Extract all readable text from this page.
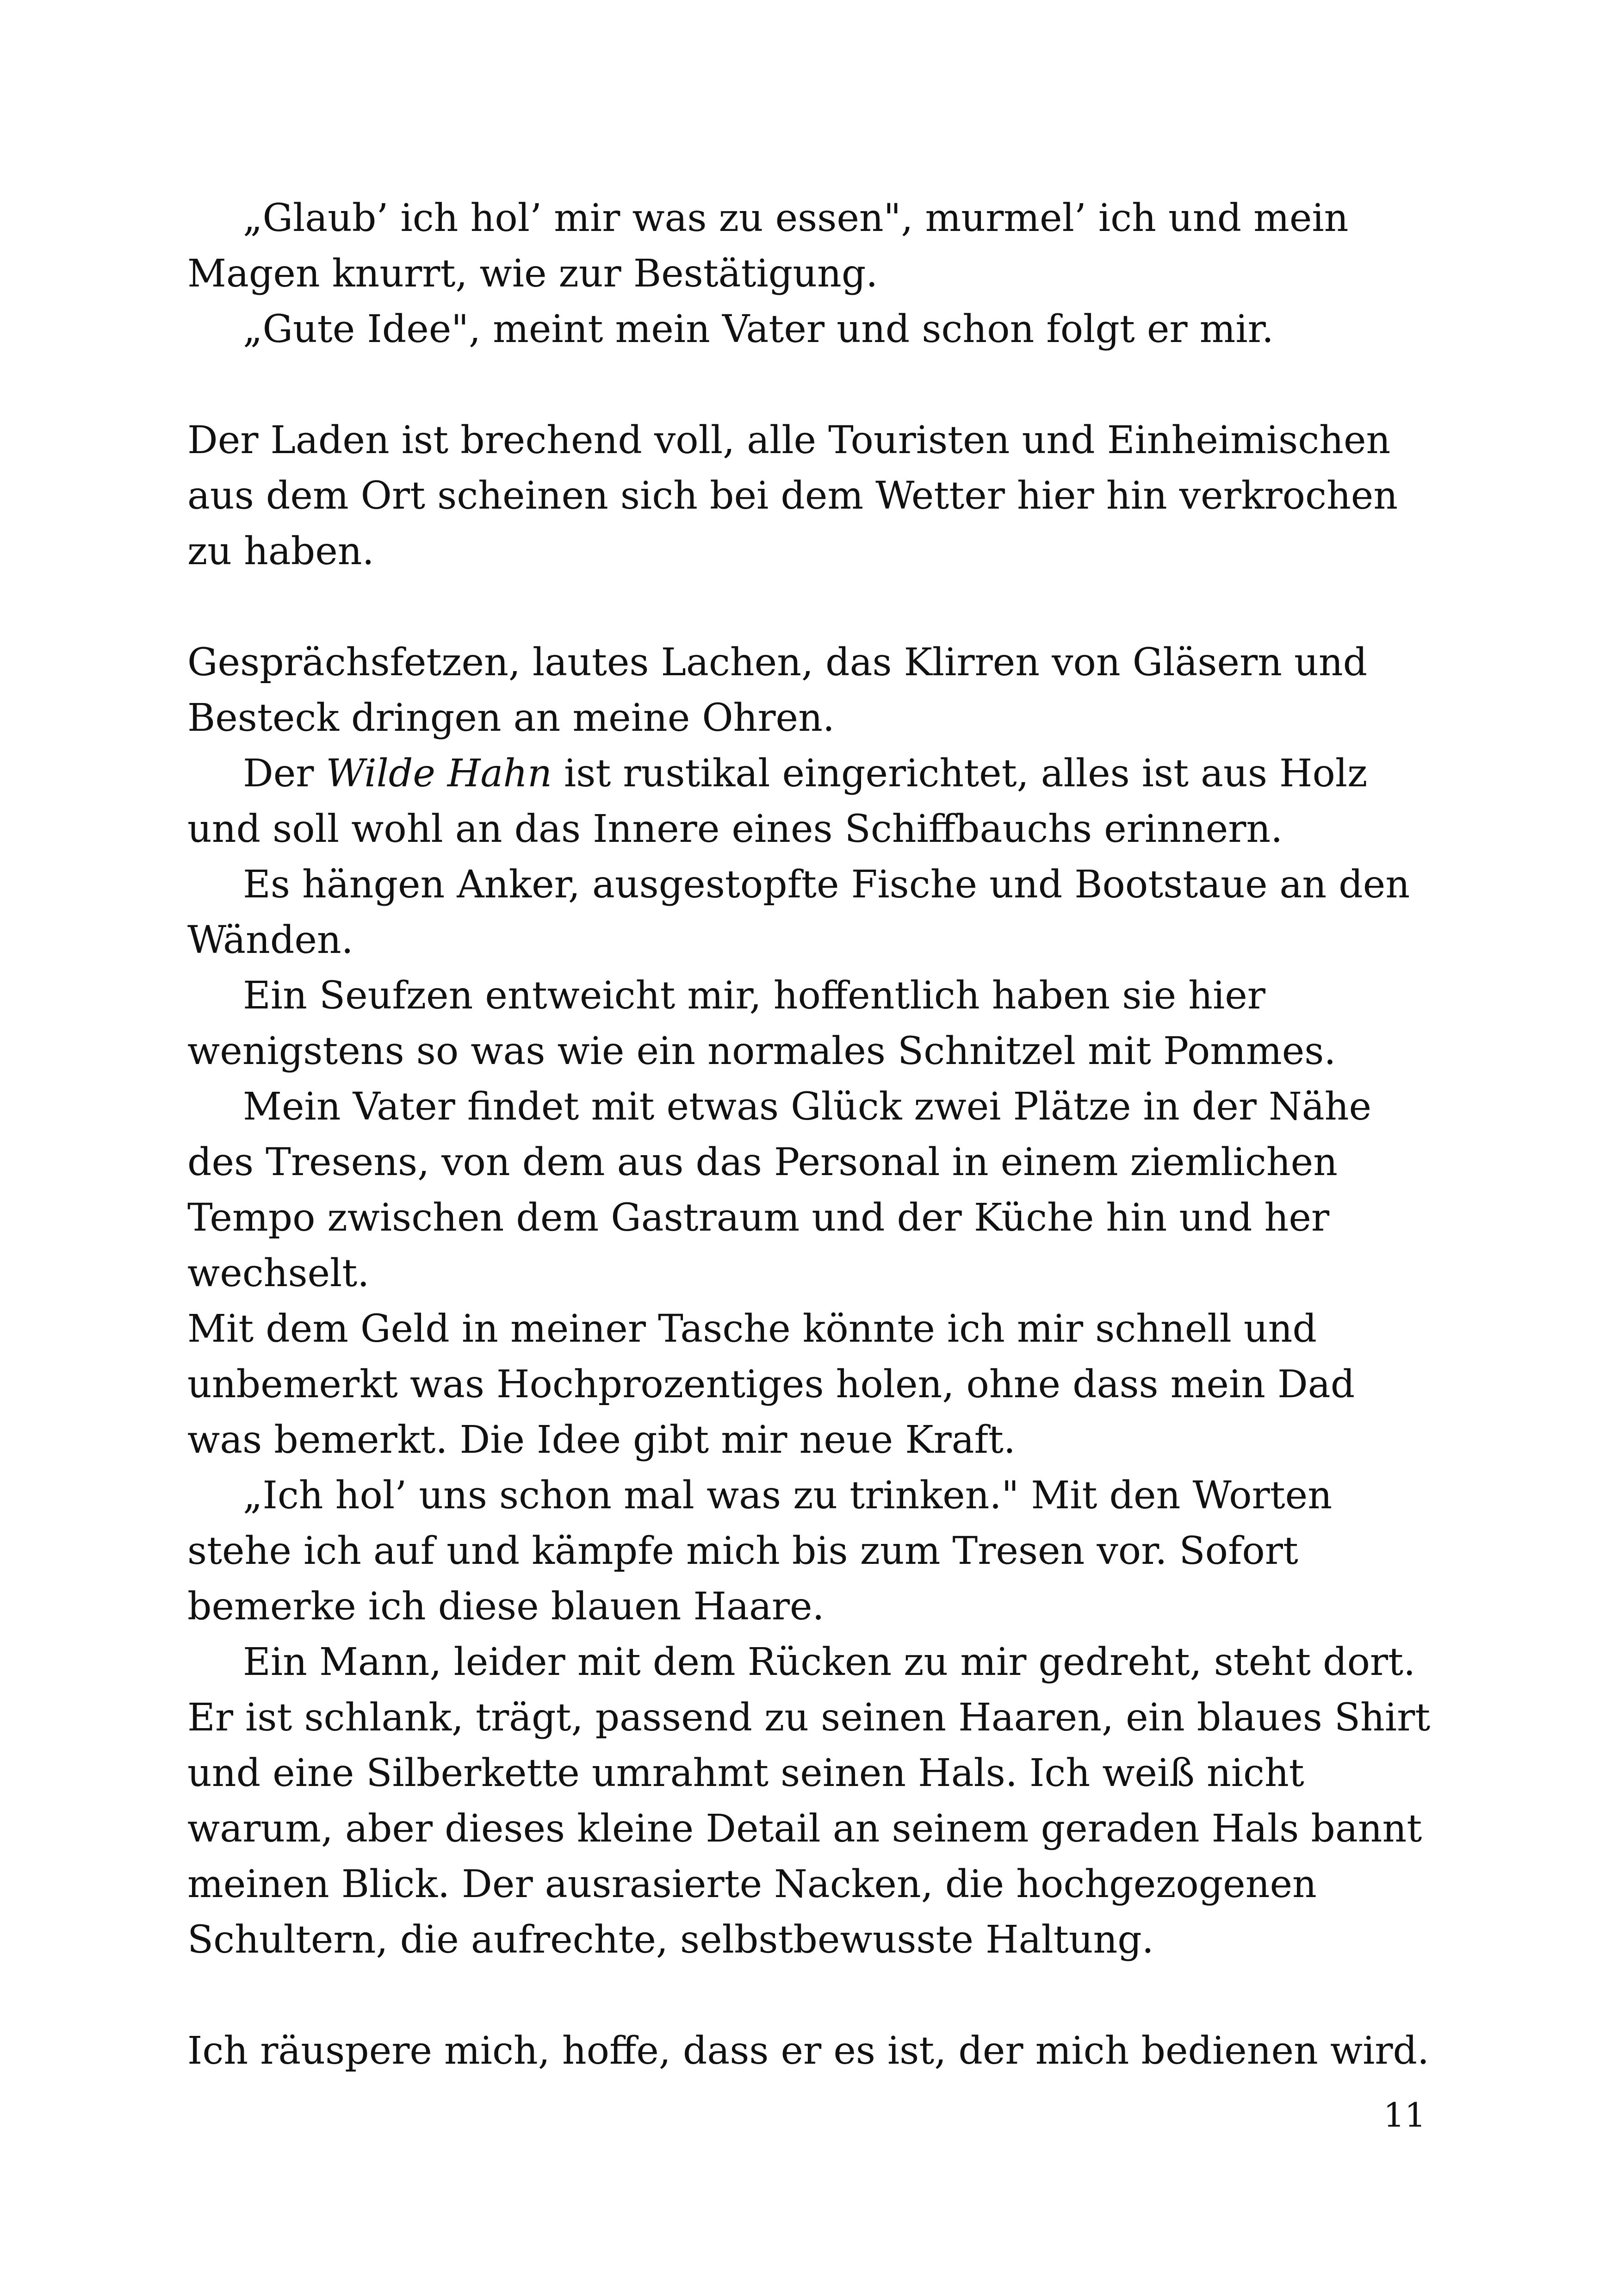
„Glaub’ ich hol’ mir was zu essen", murmel’ ich und mein Magen knurrt, wie zur Bestätigung.

„Gute Idee", meint mein Vater und schon folgt er mir.

Der Laden ist brechend voll, alle Touristen und Einheimischen aus dem Ort scheinen sich bei dem Wetter hier hin verkrochen zu haben.

Gesprächsfetzen, lautes Lachen, das Klirren von Gläsern und Besteck dringen an meine Ohren.

Der Wilde Hahn ist rustikal eingerichtet, alles ist aus Holz und soll wohl an das Innere eines Schiffbauchs erinnern.

Es hängen Anker, ausgestopfte Fische und Bootstaue an den Wänden.

Ein Seufzen entweicht mir, hoffentlich haben sie hier wenigstens so was wie ein normales Schnitzel mit Pommes.

Mein Vater findet mit etwas Glück zwei Plätze in der Nähe des Tresens, von dem aus das Personal in einem ziemlichen Tempo zwischen dem Gastraum und der Küche hin und her wechselt.

Mit dem Geld in meiner Tasche könnte ich mir schnell und unbemerkt was Hochprozentiges holen, ohne dass mein Dad was bemerkt. Die Idee gibt mir neue Kraft.

„Ich hol’ uns schon mal was zu trinken." Mit den Worten stehe ich auf und kämpfe mich bis zum Tresen vor. Sofort bemerke ich diese blauen Haare.

Ein Mann, leider mit dem Rücken zu mir gedreht, steht dort. Er ist schlank, trägt, passend zu seinen Haaren, ein blaues Shirt und eine Silberkette umrahmt seinen Hals. Ich weiß nicht warum, aber dieses kleine Detail an seinem geraden Hals bannt meinen Blick. Der ausrasierte Nacken, die hochgezogenen Schultern, die aufrechte, selbstbewusste Haltung.

Ich räuspere mich, hoffe, dass er es ist, der mich bedienen wird.

11
